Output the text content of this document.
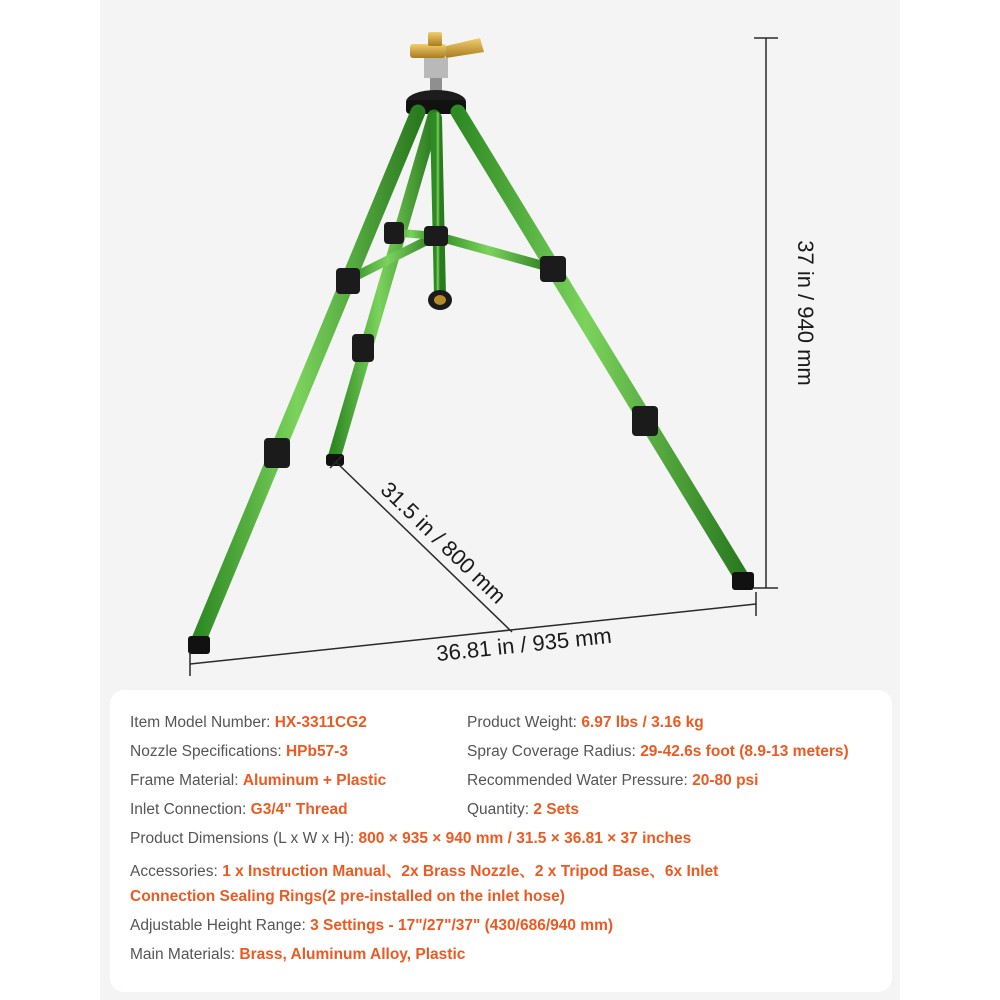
37 in / 940 mm
31.5 in / 800 mm
36.81 in / 935 mm
Item Model Number: HX-3311CG2	Product Weight: 6.97 lbs / 3.16 kg
Nozzle Specifications: HPb57-3	Spray Coverage Radius: 29-42.6s foot (8.9-13 meters)
Frame Material: Aluminum + Plastic	Recommended Water Pressure: 20-80 psi
Inlet Connection: G3/4" Thread	Quantity: 2 Sets
Product Dimensions (L x W x H): 800 × 935 × 940 mm / 31.5 × 36.81 × 37 inches
Accessories: 1 x Instruction Manual、2x Brass Nozzle、2 x Tripod Base、6x Inlet
Connection Sealing Rings(2 pre-installed on the inlet hose)
Adjustable Height Range: 3 Settings - 17"/27"/37" (430/686/940 mm)
Main Materials: Brass, Aluminum Alloy, Plastic
